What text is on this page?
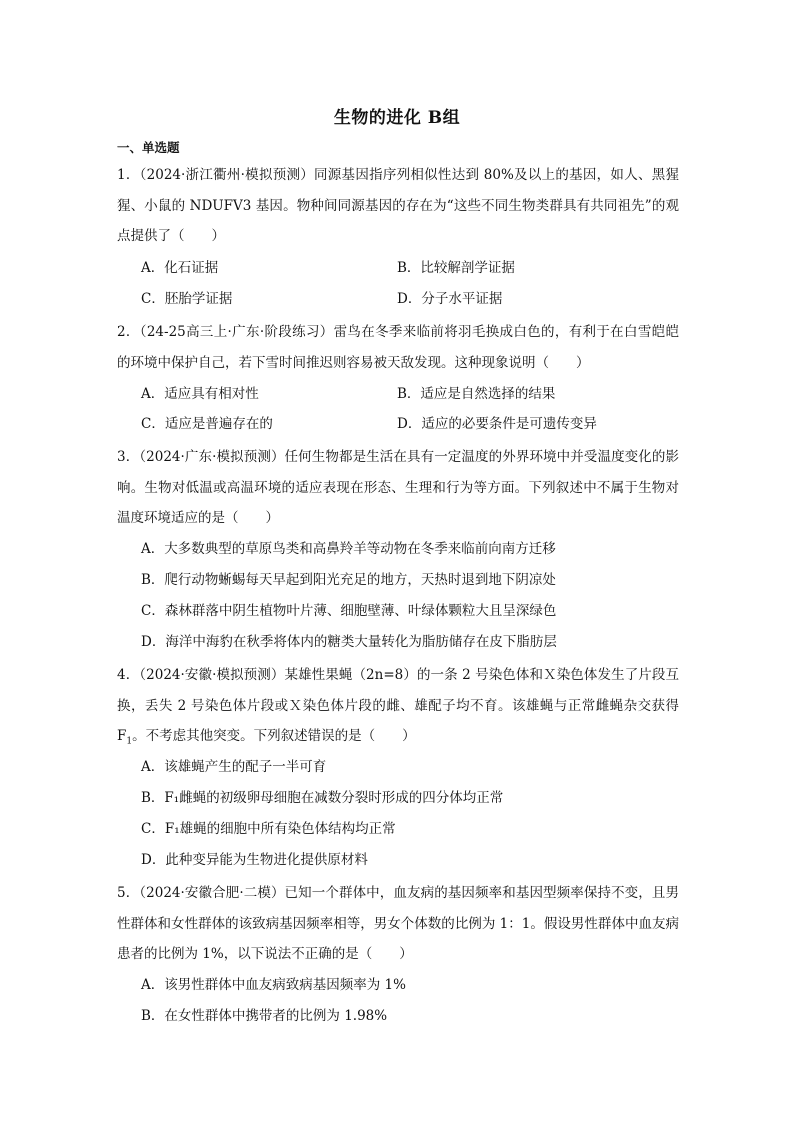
生物的进化 B组
一、单选题
1．（2024·浙江衢州·模拟预测）同源基因指序列相似性达到 80%及以上的基因，如人、黑猩猩、小鼠的 NDUFV3 基因。物种间同源基因的存在为“这些不同生物类群具有共同祖先”的观点提供了（　　）
A．化石证据	B．比较解剖学证据
C．胚胎学证据	D．分子水平证据
2．（24-25高三上·广东·阶段练习）雷鸟在冬季来临前将羽毛换成白色的，有利于在白雪皑皑的环境中保护自己，若下雪时间推迟则容易被天敌发现。这种现象说明（　　）
A．适应具有相对性	B．适应是自然选择的结果
C．适应是普遍存在的	D．适应的必要条件是可遗传变异
3．（2024·广东·模拟预测）任何生物都是生活在具有一定温度的外界环境中并受温度变化的影响。生物对低温或高温环境的适应表现在形态、生理和行为等方面。下列叙述中不属于生物对温度环境适应的是（　　）
A．大多数典型的草原鸟类和高鼻羚羊等动物在冬季来临前向南方迁移
B．爬行动物蜥蜴每天早起到阳光充足的地方，天热时退到地下阴凉处
C．森林群落中阴生植物叶片薄、细胞壁薄、叶绿体颗粒大且呈深绿色
D．海洋中海豹在秋季将体内的糖类大量转化为脂肪储存在皮下脂肪层
4．（2024·安徽·模拟预测）某雄性果蝇（2n=8）的一条 2 号染色体和Ｘ染色体发生了片段互换，丢失 2 号染色体片段或Ｘ染色体片段的雌、雄配子均不育。该雄蝇与正常雌蝇杂交获得 $F_1$。不考虑其他突变。下列叙述错误的是（　　）
A．该雄蝇产生的配子一半可育
B．F₁雌蝇的初级卵母细胞在减数分裂时形成的四分体均正常
C．F₁雄蝇的细胞中所有染色体结构均正常
D．此种变异能为生物进化提供原材料
5．（2024·安徽合肥·二模）已知一个群体中，血友病的基因频率和基因型频率保持不变，且男性群体和女性群体的该致病基因频率相等，男女个体数的比例为 1：1。假设男性群体中血友病患者的比例为 1%，以下说法不正确的是（　　）
A．该男性群体中血友病致病基因频率为 1%
B．在女性群体中携带者的比例为 1.98%
